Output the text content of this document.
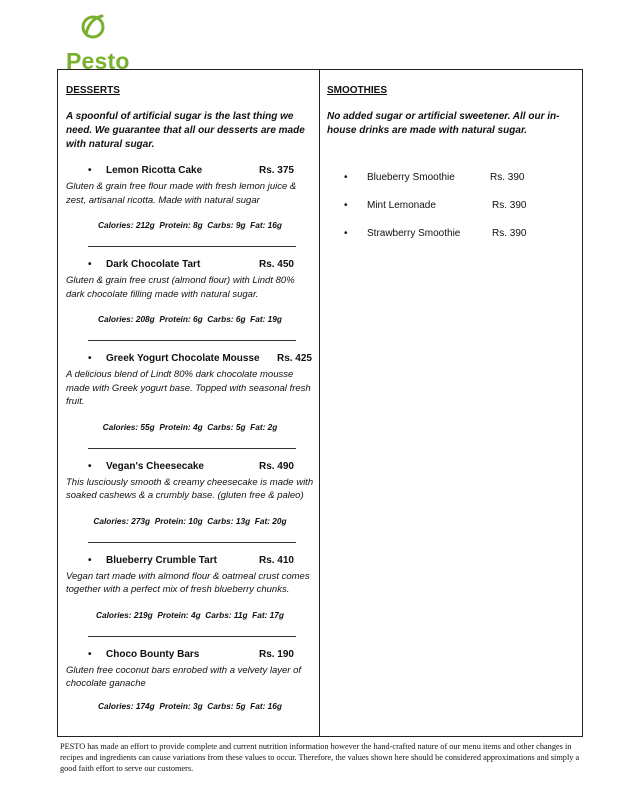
Pesto
DESSERTS
A spoonful of artificial sugar is the last thing we need. We guarantee that all our desserts are made with natural sugar.
• Lemon Ricotta Cake	Rs. 375
Gluten & grain free flour made with fresh lemon juice & zest, artisanal ricotta. Made with natural sugar
Calories: 212g  Protein: 8g  Carbs: 9g  Fat: 16g
• Dark Chocolate Tart	Rs. 450
Gluten & grain free crust (almond flour) with Lindt 80% dark chocolate filling made with natural sugar.
Calories: 208g  Protein: 6g  Carbs: 6g  Fat: 19g
• Greek Yogurt Chocolate Mousse Rs. 425
A delicious blend of Lindt 80% dark chocolate mousse made with Greek yogurt base. Topped with seasonal fresh fruit.
Calories: 55g  Protein: 4g  Carbs: 5g  Fat: 2g
• Vegan's Cheesecake	Rs. 490
This lusciously smooth & creamy cheesecake is made with soaked cashews & a crumbly base. (gluten free & paleo)
Calories: 273g  Protein: 10g  Carbs: 13g  Fat: 20g
• Blueberry Crumble Tart	Rs. 410
Vegan tart made with almond flour & oatmeal crust comes together with a perfect mix of fresh blueberry chunks.
Calories: 219g  Protein: 4g  Carbs: 11g  Fat: 17g
• Choco Bounty Bars	Rs. 190
Gluten free coconut bars enrobed with a velvety layer of chocolate ganache
Calories: 174g  Protein: 3g  Carbs: 5g  Fat: 16g
SMOOTHIES
No added sugar or artificial sweetener. All our in-house drinks are made with natural sugar.
• Blueberry Smoothie	Rs. 390
• Mint Lemonade	Rs. 390
• Strawberry Smoothie	Rs. 390
PESTO has made an effort to provide complete and current nutrition information however the hand-crafted nature of our menu items and other changes in recipes and ingredients can cause variations from these values to occur. Therefore, the values shown here should be considered approximations and simply a good faith effort to serve our customers.
